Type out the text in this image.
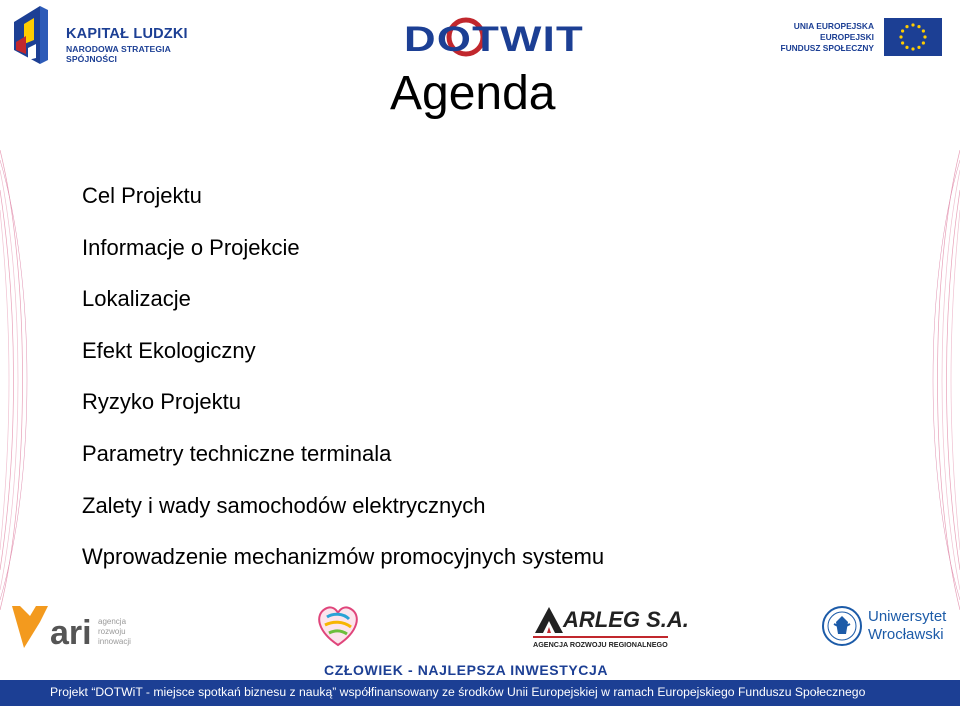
KAPITAŁ LUDZKI
NARODOWA STRATEGIA SPÓJNOŚCI	DOTWIT	UNIA EUROPEJSKA
EUROPEJSKI
FUNDUSZ SPOŁECZNY
Agenda
Cel Projektu
Informacje o Projekcie
Lokalizacje
Efekt Ekologiczny
Ryzyko Projektu
Parametry techniczne terminala
Zalety i wady samochodów elektrycznych
Wprowadzenie mechanizmów promocyjnych systemu
ari agencja
rozwoju
innowacji
ARLEG S.A.
AGENCJA ROZWOJU REGIONALNEGO
Uniwersytet
Wrocławski
CZŁOWIEK - NAJLEPSZA INWESTYCJA
Projekt “DOTWiT - miejsce spotkań biznesu z nauką” współfinansowany ze środków Unii Europejskiej w ramach Europejskiego Funduszu Społecznego
